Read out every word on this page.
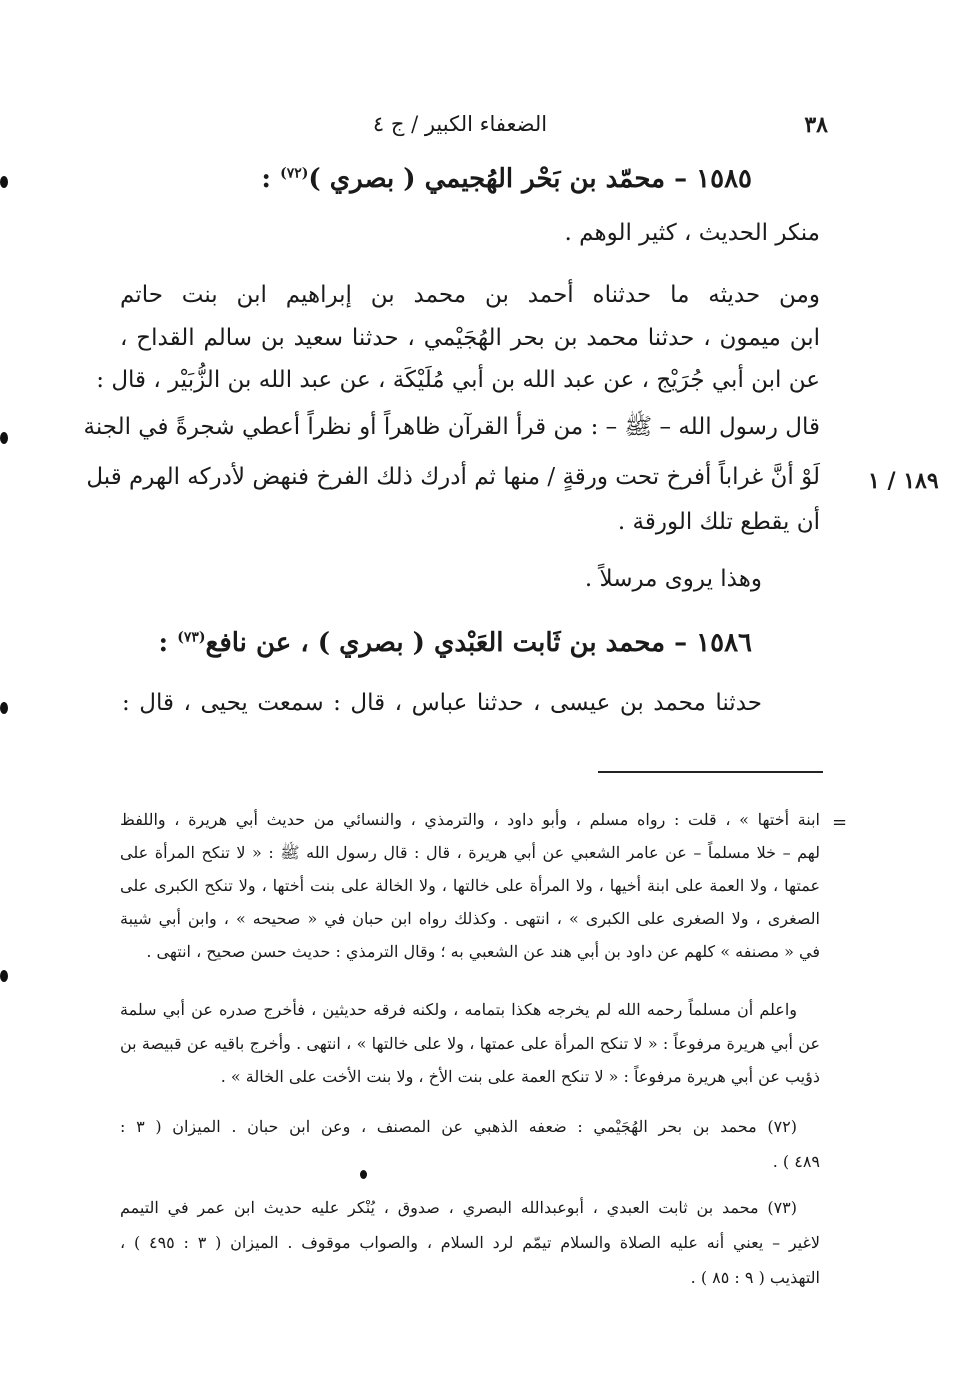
٣٨
الضعفاء الكبير / ج ٤
١٥٨٥ – محمّد بن بَحْر الهُجيمي ( بصري )$^{(٧٢)}$ :
منكر الحديث ، كثير الوهم .
ومن حديثه ما حدثناه أحمد بن محمد بن إبراهيم ابن بنت حاتم
ابن ميمون ، حدثنا محمد بن بحر الهُجَيْمي ، حدثنا سعيد بن سالم القداح ،
عن ابن أبي جُرَيْج ، عن عبد الله بن أبي مُلَيْكَة ، عن عبد الله بن الزُّبَيْر ، قال :
قال رسول الله – ﷺ – : من قرأ القرآن ظاهراً أو نظراً أعطي شجرةً في الجنة
لَوْ أنَّ غراباً أفرخ تحت ورقةٍ / منها ثم أدرك ذلك الفرخ فنهض لأدركه الهرم قبل
أن يقطع تلك الورقة .
١٨٩ / ١
وهذا يروى مرسلاً .
١٥٨٦ – محمد بن ثَابت العَبْدي ( بصري ) ، عن نافع$^{(٧٣)}$ :
حدثنا محمد بن عيسى ، حدثنا عباس ، قال : سمعت يحيى ، قال :
=
ابنة أختها » ، قلت : رواه مسلم ، وأبو داود ، والترمذي ، والنسائي من حديث أبي هريرة ، واللفظ
لهم – خلا مسلماً – عن عامر الشعبي عن أبي هريرة ، قال : قال رسول الله ﷺ : « لا تنكح المرأة على
عمتها ، ولا العمة على ابنة أخيها ، ولا المرأة على خالتها ، ولا الخالة على بنت أختها ، ولا تنكح الكبرى على
الصغرى ، ولا الصغرى على الكبرى » ، انتهى . وكذلك رواه ابن حبان في « صحيحه » ، وابن أبي شيبة
في « مصنفه » كلهم عن داود بن أبي هند عن الشعبي به ؛ وقال الترمذي : حديث حسن صحيح ، انتهى .
واعلم أن مسلماً رحمه الله لم يخرجه هكذا بتمامه ، ولكنه فرقه حديثين ، فأخرج صدره عن أبي سلمة
عن أبي هريرة مرفوعاً : « لا تنكح المرأة على عمتها ، ولا على خالتها » ، انتهى . وأخرج باقيه عن قبيصة بن
ذؤيب عن أبي هريرة مرفوعاً : « لا تنكح العمة على بنت الأخ ، ولا بنت الأخت على الخالة » .
(٧٢) محمد بن بحر الهُجَيْمي : ضعفه الذهبي عن المصنف ، وعن ابن حبان . الميزان ( ٣ :
٤٨٩ ) .
(٧٣) محمد بن ثابت العبدي ، أبوعبدالله البصري ، صدوق ، يُنْكر عليه حديث ابن عمر في التيمم
لاغير – يعني أنه عليه الصلاة والسلام تيمّم لرد السلام ، والصواب موقوف . الميزان ( ٣ : ٤٩٥ ) ،
التهذيب ( ٩ : ٨٥ ) .
